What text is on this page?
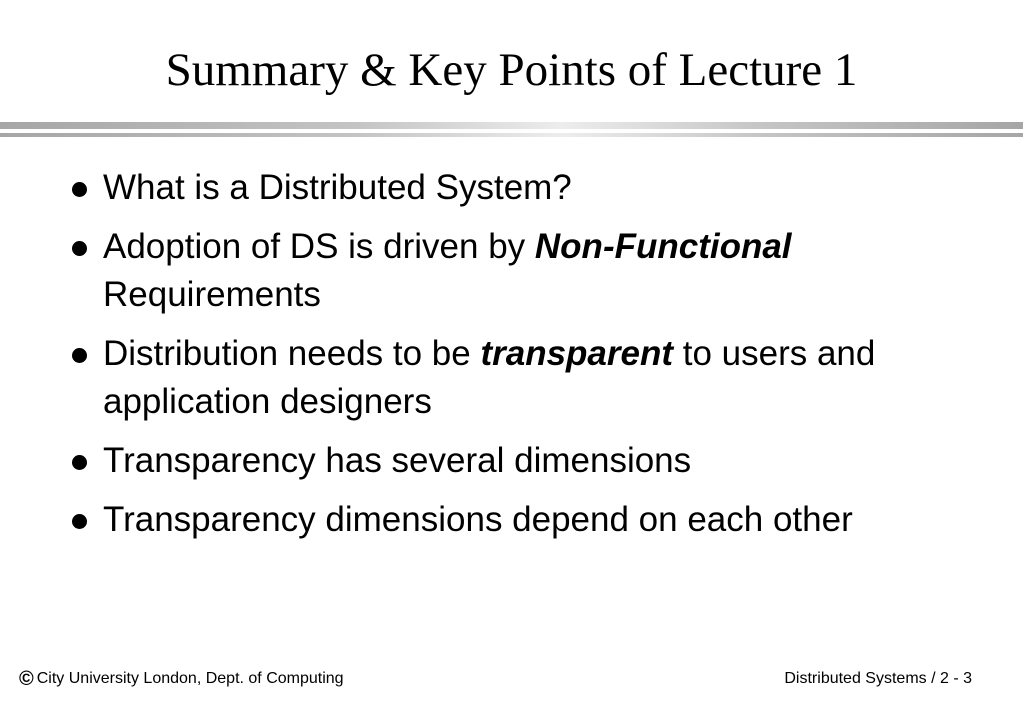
Summary & Key Points of Lecture 1
What is a Distributed System?
Adoption of DS is driven by Non-Functional Requirements
Distribution needs to be transparent to users and application designers
Transparency has several dimensions
Transparency dimensions depend on each other
© City University London, Dept. of Computing	Distributed Systems / 2 - 3
